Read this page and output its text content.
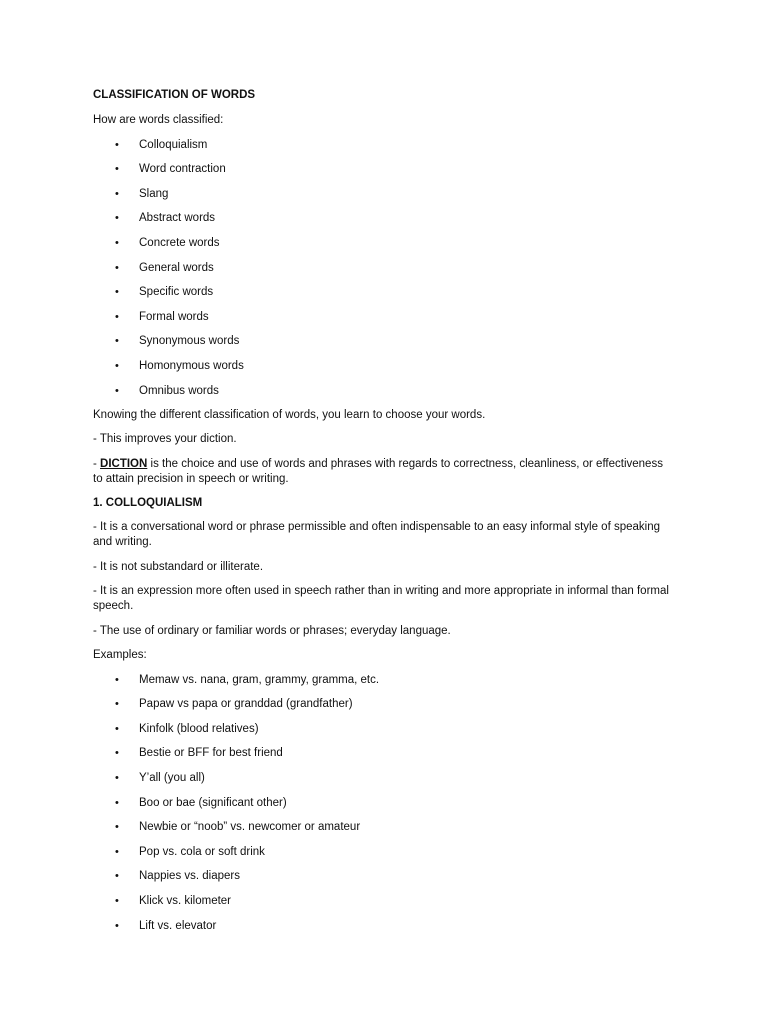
CLASSIFICATION OF WORDS

How are words classified:

• Colloquialism
• Word contraction
• Slang
• Abstract words
• Concrete words
• General words
• Specific words
• Formal words
• Synonymous words
• Homonymous words
• Omnibus words

Knowing the different classification of words, you learn to choose your words.

- This improves your diction.

- DICTION is the choice and use of words and phrases with regards to correctness, cleanliness, or effectiveness to attain precision in speech or writing.

1. COLLOQUIALISM

- It is a conversational word or phrase permissible and often indispensable to an easy informal style of speaking and writing.

- It is not substandard or illiterate.

- It is an expression more often used in speech rather than in writing and more appropriate in informal than formal speech.

- The use of ordinary or familiar words or phrases; everyday language.

Examples:

• Memaw vs. nana, gram, grammy, gramma, etc.
• Papaw vs papa or granddad (grandfather)
• Kinfolk (blood relatives)
• Bestie or BFF for best friend
• Y’all (you all)
• Boo or bae (significant other)
• Newbie or “noob” vs. newcomer or amateur
• Pop vs. cola or soft drink
• Nappies vs. diapers
• Klick vs. kilometer
• Lift vs. elevator
